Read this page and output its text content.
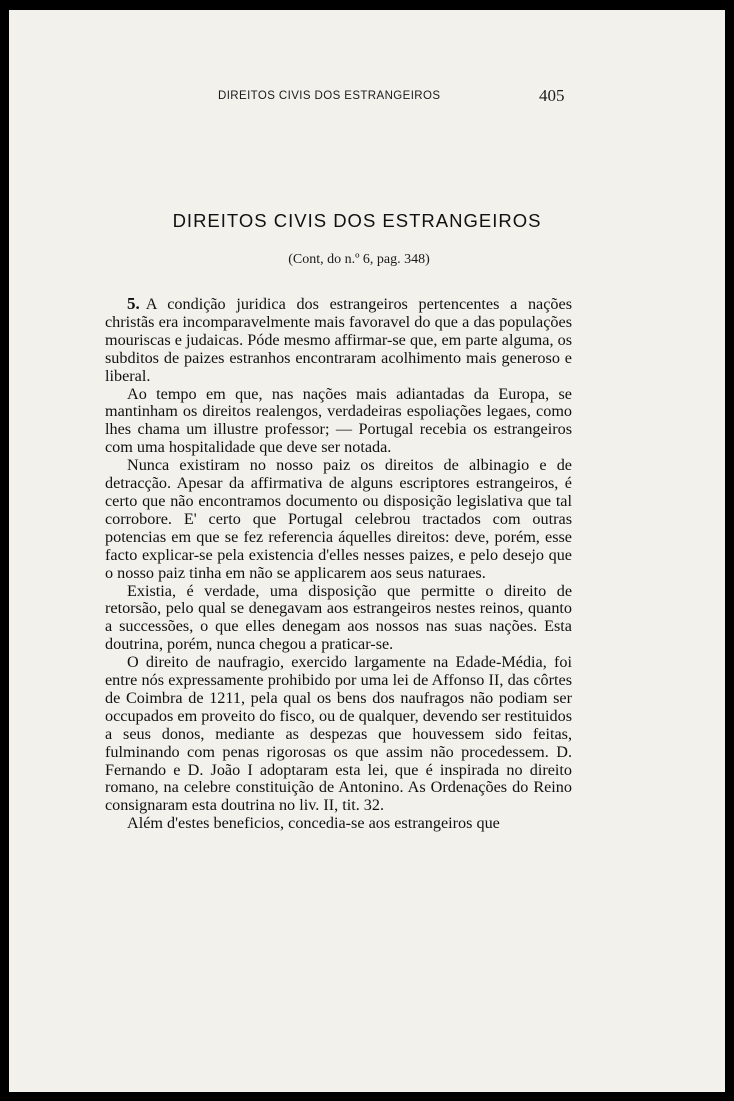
DIREITOS CIVIS DOS ESTRANGEIROS	405
DIREITOS CIVIS DOS ESTRANGEIROS
(Cont, do n.º 6, pag. 348)

5. A condição juridica dos estrangeiros pertencentes a nações christãs era incomparavelmente mais favoravel do que a das populações mouriscas e judaicas. Póde mesmo affirmar-se que, em parte alguma, os subditos de paizes estranhos encontraram acolhimento mais generoso e liberal.

Ao tempo em que, nas nações mais adiantadas da Europa, se mantinham os direitos realengos, verdadeiras espoliações legaes, como lhes chama um illustre professor; — Portugal recebia os estrangeiros com uma hospitalidade que deve ser notada.

Nunca existiram no nosso paiz os direitos de albinagio e de detracção. Apesar da affirmativa de alguns escriptores estrangeiros, é certo que não encontramos documento ou disposição legislativa que tal corrobore. E' certo que Portugal celebrou tractados com outras potencias em que se fez referencia áquelles direitos: deve, porém, esse facto explicar-se pela existencia d'elles nesses paizes, e pelo desejo que o nosso paiz tinha em não se applicarem aos seus naturaes.

Existia, é verdade, uma disposição que permitte o direito de retorsão, pelo qual se denegavam aos estrangeiros nestes reinos, quanto a successões, o que elles denegam aos nossos nas suas nações. Esta doutrina, porém, nunca chegou a praticar-se.

O direito de naufragio, exercido largamente na Edade-Média, foi entre nós expressamente prohibido por uma lei de Affonso II, das côrtes de Coimbra de 1211, pela qual os bens dos naufragos não podiam ser occupados em proveito do fisco, ou de qualquer, devendo ser restituidos a seus donos, mediante as despezas que houvessem sido feitas, fulminando com penas rigorosas os que assim não procedessem. D. Fernando e D. João I adoptaram esta lei, que é inspirada no direito romano, na celebre constituição de Antonino. As Ordenações do Reino consignaram esta doutrina no liv. II, tit. 32.

Além d'estes beneficios, concedia-se aos estrangeiros que
